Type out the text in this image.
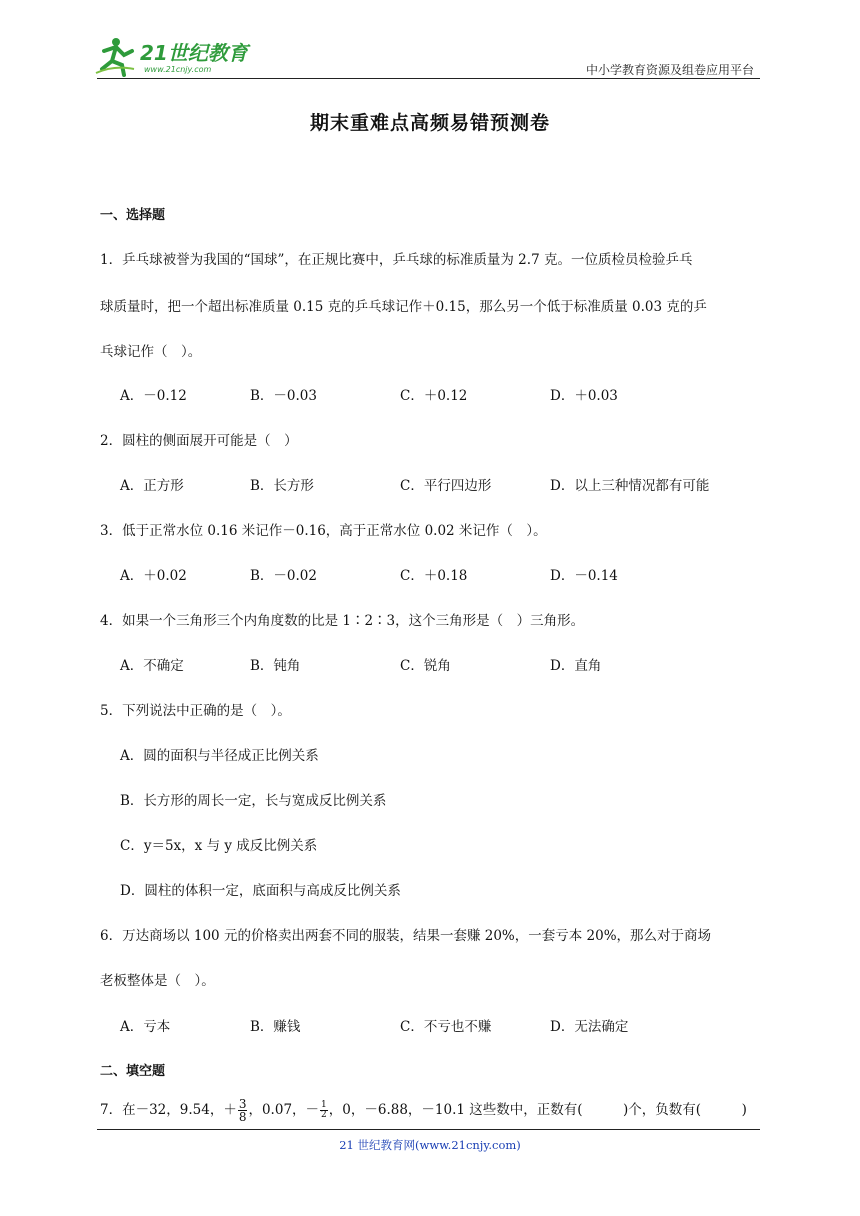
21世纪教育
www.21cnjy.com	中小学教育资源及组卷应用平台
期末重难点高频易错预测卷
一、选择题
1．乒乓球被誉为我国的“国球”，在正规比赛中，乒乓球的标准质量为 2.7 克。一位质检员检验乒乓
球质量时，把一个超出标准质量 0.15 克的乒乓球记作＋0.15，那么另一个低于标准质量 0.03 克的乒
乓球记作（　）。
A．－0.12	B．－0.03	C．＋0.12	D．＋0.03
2．圆柱的侧面展开可能是（　）
A．正方形	B．长方形	C．平行四边形	D．以上三种情况都有可能
3．低于正常水位 0.16 米记作－0.16，高于正常水位 0.02 米记作（　）。
A．＋0.02	B．－0.02	C．＋0.18	D．－0.14
4．如果一个三角形三个内角度数的比是 1∶2∶3，这个三角形是（　）三角形。
A．不确定	B．钝角	C．锐角	D．直角
5．下列说法中正确的是（　）。
A．圆的面积与半径成正比例关系
B．长方形的周长一定，长与宽成反比例关系
C．y＝5x，x 与 y 成反比例关系
D．圆柱的体积一定，底面积与高成反比例关系
6．万达商场以 100 元的价格卖出两套不同的服装，结果一套赚 20%，一套亏本 20%，那么对于商场
老板整体是（　）。
A．亏本	B．赚钱	C．不亏也不赚	D．无法确定
二、填空题
7．在－32，9.54，＋ $\frac{3}{8}$ ，0.07，－ $\frac{1}{2}$ ，0，－6.88，－10.1 这些数中，正数有(　　　)个，负数有(　　　)
21 世纪教育网(www.21cnjy.com)
